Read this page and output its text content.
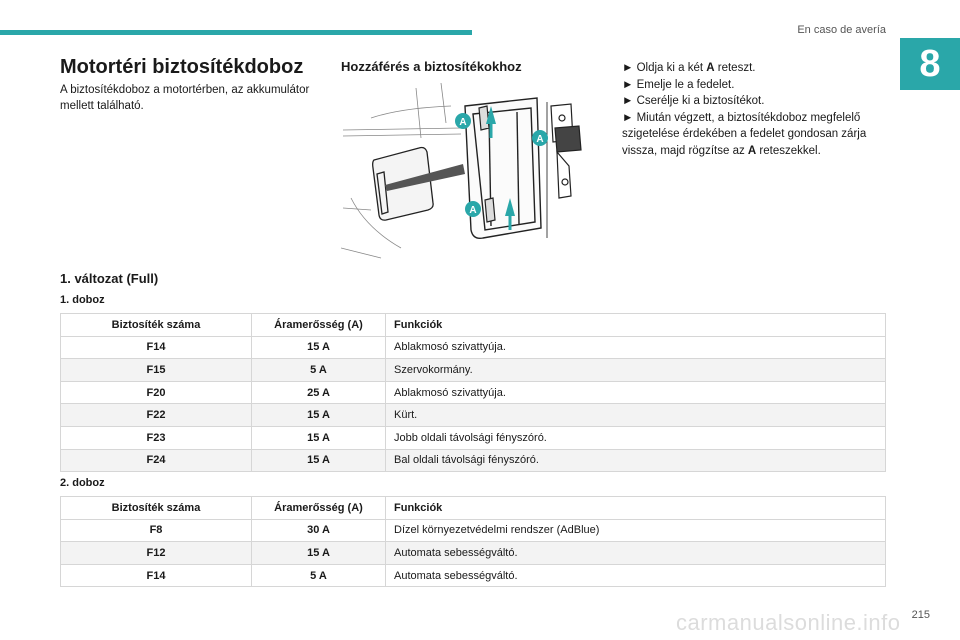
En caso de avería
8
Motortéri biztosítékdoboz
A biztosítékdoboz a motortérben, az akkumulátor mellett található.
Hozzáférés a biztosítékokhoz
A
A
A
► Oldja ki a két A reteszt.
► Emelje le a fedelet.
► Cserélje ki a biztosítékot.
► Miután végzett, a biztosítékdoboz megfelelő szigetelése érdekében a fedelet gondosan zárja vissza, majd rögzítse az A reteszekkel.
1. változat (Full)
1. doboz
Biztosíték száma	Áramerősség (A)	Funkciók
F14	15 A	Ablakmosó szivattyúja.
F15	5 A	Szervokormány.
F20	25 A	Ablakmosó szivattyúja.
F22	15 A	Kürt.
F23	15 A	Jobb oldali távolsági fényszóró.
F24	15 A	Bal oldali távolsági fényszóró.
2. doboz
Biztosíték száma	Áramerősség (A)	Funkciók
F8	30 A	Dízel környezetvédelmi rendszer (AdBlue)
F12	15 A	Automata sebességváltó.
F14	5 A	Automata sebességváltó.
carmanualsonline.info 215
